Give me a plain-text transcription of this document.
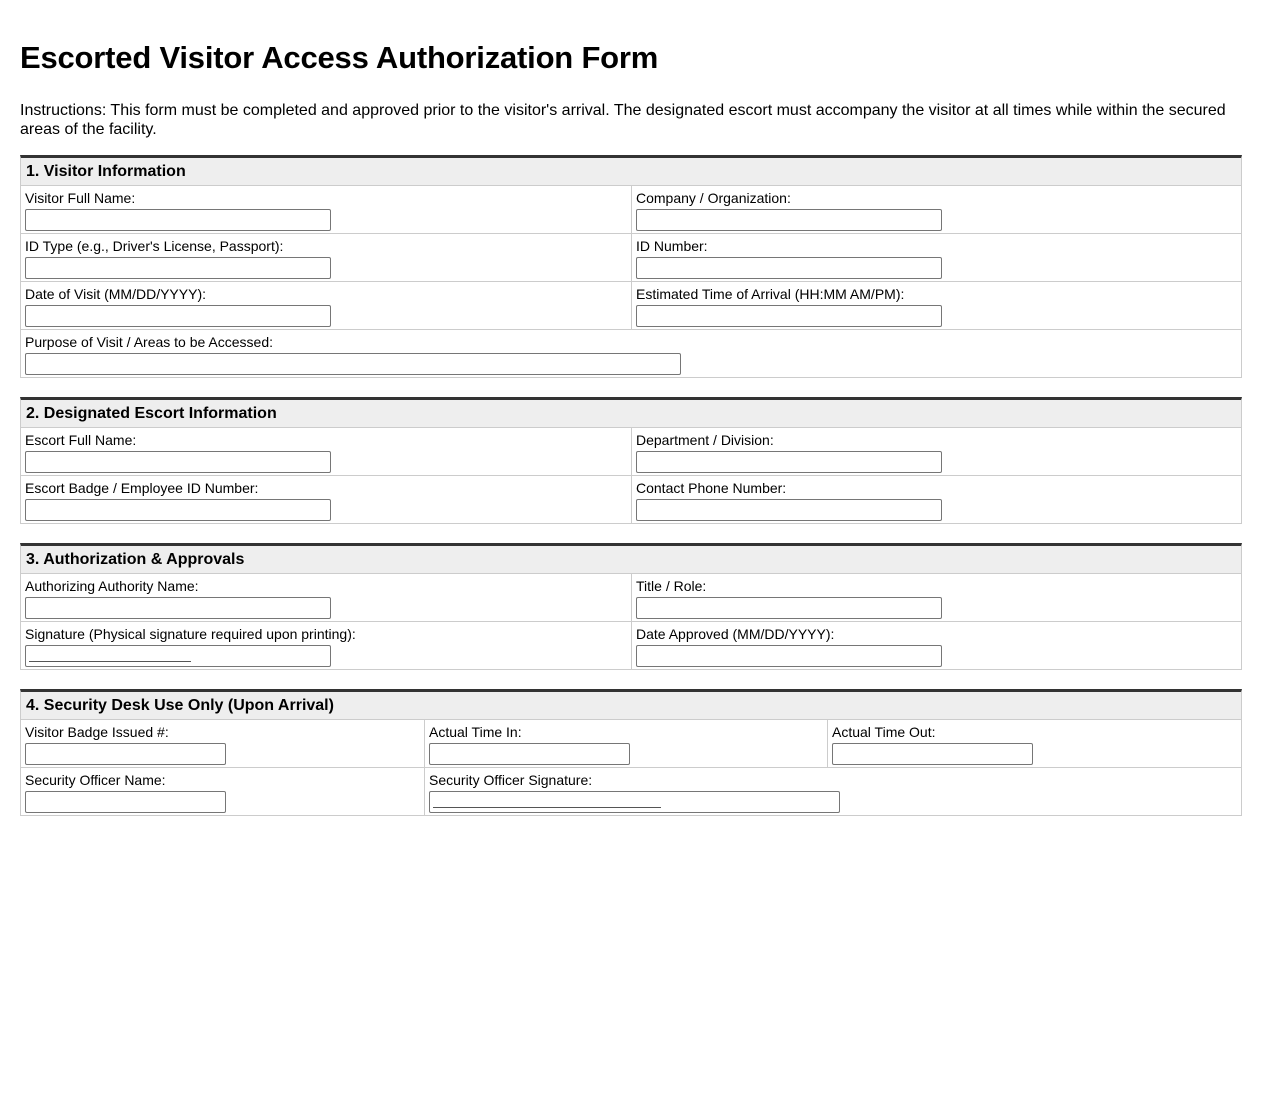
Escorted Visitor Access Authorization Form
Instructions: This form must be completed and approved prior to the visitor's arrival. The designated escort must accompany the visitor at all times while within the secured areas of the facility.
1. Visitor Information
Visitor Full Name:	Company / Organization:
ID Type (e.g., Driver's License, Passport):	ID Number:
Date of Visit (MM/DD/YYYY):	Estimated Time of Arrival (HH:MM AM/PM):
Purpose of Visit / Areas to be Accessed:
2. Designated Escort Information
Escort Full Name:	Department / Division:
Escort Badge / Employee ID Number:	Contact Phone Number:
3. Authorization & Approvals
Authorizing Authority Name:	Title / Role:
Signature (Physical signature required upon printing):	Date Approved (MM/DD/YYYY):
4. Security Desk Use Only (Upon Arrival)
Visitor Badge Issued #:	Actual Time In:	Actual Time Out:
Security Officer Name:	Security Officer Signature:
